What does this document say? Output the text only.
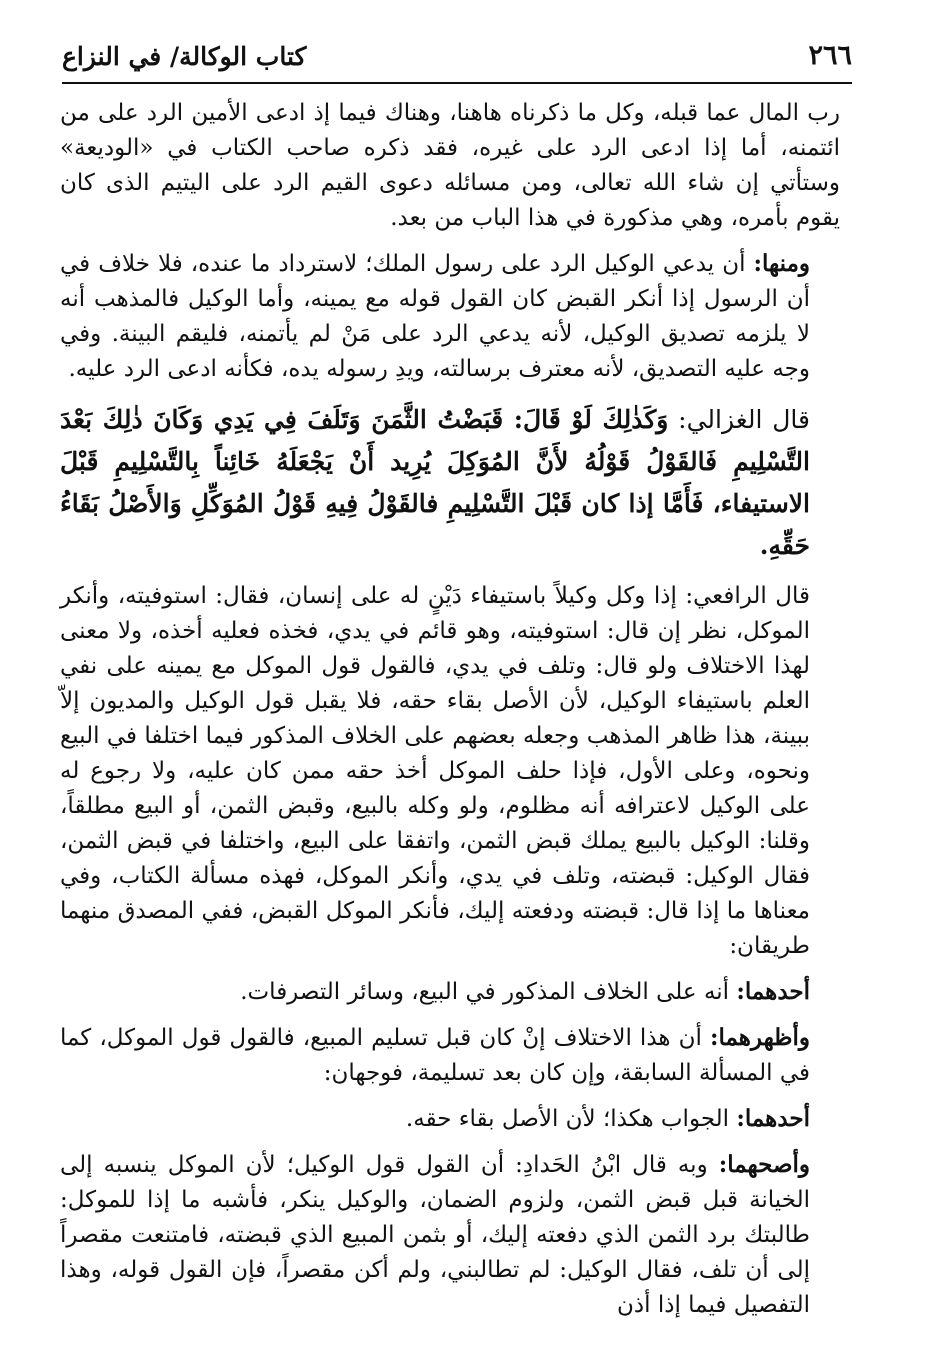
٢٦٦
كتاب الوكالة/ في النزاع

رب المال عما قبله، وكل ما ذكرناه هاهنا، وهناك فيما إذ ادعى الأمين الرد على من ائتمنه، أما إذا ادعى الرد على غيره، فقد ذكره صاحب الكتاب في «الوديعة» وستأتي إن شاء الله تعالى، ومن مسائله دعوى القيم الرد على اليتيم الذى كان يقوم بأمره، وهي مذكورة في هذا الباب من بعد.

ومنها: أن يدعي الوكيل الرد على رسول الملك؛ لاسترداد ما عنده، فلا خلاف في أن الرسول إذا أنكر القبض كان القول قوله مع يمينه، وأما الوكيل فالمذهب أنه لا يلزمه تصديق الوكيل، لأنه يدعي الرد على مَنْ لم يأتمنه، فليقم البينة. وفي وجه عليه التصديق، لأنه معترف برسالته، ويدِ رسوله يده، فكأنه ادعى الرد عليه.

قال الغزالي: وَكَذٰلِكَ لَوْ قَالَ: قَبَضْتُ الثَّمَنَ وَتَلَفَ فِي يَدِي وَكَانَ ذٰلِكَ بَعْدَ التَّسْلِيمِ فَالقَوْلُ قَوْلُهُ لأَنَّ المُوَكِلَ يُرِيد أَنْ يَجْعَلَهُ خَائِناً بِالتَّسْلِيمِ قَبْلَ الاستيفاء، فَأَمَّا إذا كان قَبْلَ التَّسْلِيمِ فالقَوْلُ فِيهِ قَوْلُ المُوَكِّلِ وَالأَصْلُ بَقَاءُ حَقِّهِ.

قال الرافعي: إذا وكل وكيلاً باستيفاء دَيْنٍ له على إنسان، فقال: استوفيته، وأنكر الموكل، نظر إن قال: استوفيته، وهو قائم في يدي، فخذه فعليه أخذه، ولا معنى لهذا الاختلاف ولو قال: وتلف في يدي، فالقول قول الموكل مع يمينه على نفي العلم باستيفاء الوكيل، لأن الأصل بقاء حقه، فلا يقبل قول الوكيل والمديون إلاّ ببينة، هذا ظاهر المذهب وجعله بعضهم على الخلاف المذكور فيما اختلفا في البيع ونحوه، وعلى الأول، فإذا حلف الموكل أخذ حقه ممن كان عليه، ولا رجوع له على الوكيل لاعترافه أنه مظلوم، ولو وكله بالبيع، وقبض الثمن، أو البيع مطلقاً، وقلنا: الوكيل بالبيع يملك قبض الثمن، واتفقا على البيع، واختلفا في قبض الثمن، فقال الوكيل: قبضته، وتلف في يدي، وأنكر الموكل، فهذه مسألة الكتاب، وفي معناها ما إذا قال: قبضته ودفعته إليك، فأنكر الموكل القبض، ففي المصدق منهما طريقان:

أحدهما: أنه على الخلاف المذكور في البيع، وسائر التصرفات.

وأظهرهما: أن هذا الاختلاف إنْ كان قبل تسليم المبيع، فالقول قول الموكل، كما في المسألة السابقة، وإن كان بعد تسليمة، فوجهان:

أحدهما: الجواب هكذا؛ لأن الأصل بقاء حقه.

وأصحهما: وبه قال ابْنُ الحَدادِ: أن القول قول الوكيل؛ لأن الموكل ينسبه إلى الخيانة قبل قبض الثمن، ولزوم الضمان، والوكيل ينكر، فأشبه ما إذا للموكل: طالبتك برد الثمن الذي دفعته إليك، أو بثمن المبيع الذي قبضته، فامتنعت مقصراً إلى أن تلف، فقال الوكيل: لم تطالبني، ولم أكن مقصراً، فإن القول قوله، وهذا التفصيل فيما إذا أذن
